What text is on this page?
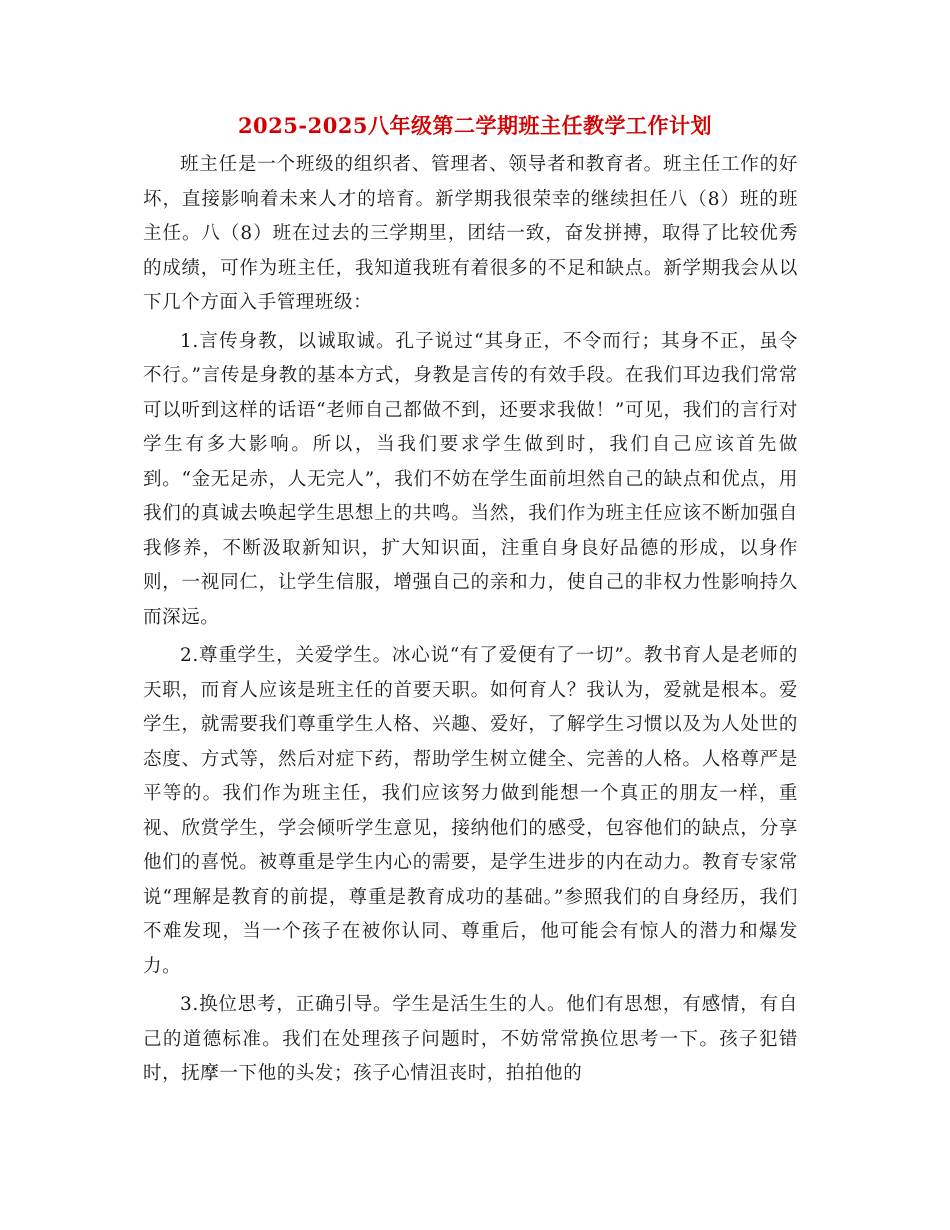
2025-2025八年级第二学期班主任教学工作计划

班主任是一个班级的组织者、管理者、领导者和教育者。班主任工作的好坏，直接影响着未来人才的培育。新学期我很荣幸的继续担任八（8）班的班主任。八（8）班在过去的三学期里，团结一致，奋发拼搏，取得了比较优秀的成绩，可作为班主任，我知道我班有着很多的不足和缺点。新学期我会从以下几个方面入手管理班级：

1.言传身教，以诚取诚。孔子说过“其身正，不令而行；其身不正，虽令不行。”言传是身教的基本方式，身教是言传的有效手段。在我们耳边我们常常可以听到这样的话语“老师自己都做不到，还要求我做！”可见，我们的言行对学生有多大影响。所以，当我们要求学生做到时，我们自己应该首先做到。“金无足赤，人无完人”，我们不妨在学生面前坦然自己的缺点和优点，用我们的真诚去唤起学生思想上的共鸣。当然，我们作为班主任应该不断加强自我修养，不断汲取新知识，扩大知识面，注重自身良好品德的形成，以身作则，一视同仁，让学生信服，增强自己的亲和力，使自己的非权力性影响持久而深远。

2.尊重学生，关爱学生。冰心说“有了爱便有了一切”。教书育人是老师的天职，而育人应该是班主任的首要天职。如何育人？我认为，爱就是根本。爱学生，就需要我们尊重学生人格、兴趣、爱好，了解学生习惯以及为人处世的态度、方式等，然后对症下药，帮助学生树立健全、完善的人格。人格尊严是平等的。我们作为班主任，我们应该努力做到能想一个真正的朋友一样，重视、欣赏学生，学会倾听学生意见，接纳他们的感受，包容他们的缺点，分享他们的喜悦。被尊重是学生内心的需要，是学生进步的内在动力。教育专家常说“理解是教育的前提，尊重是教育成功的基础。”参照我们的自身经历，我们不难发现，当一个孩子在被你认同、尊重后，他可能会有惊人的潜力和爆发力。

3.换位思考，正确引导。学生是活生生的人。他们有思想，有感情，有自己的道德标准。我们在处理孩子问题时，不妨常常换位思考一下。孩子犯错时，抚摩一下他的头发；孩子心情沮丧时，拍拍他的
